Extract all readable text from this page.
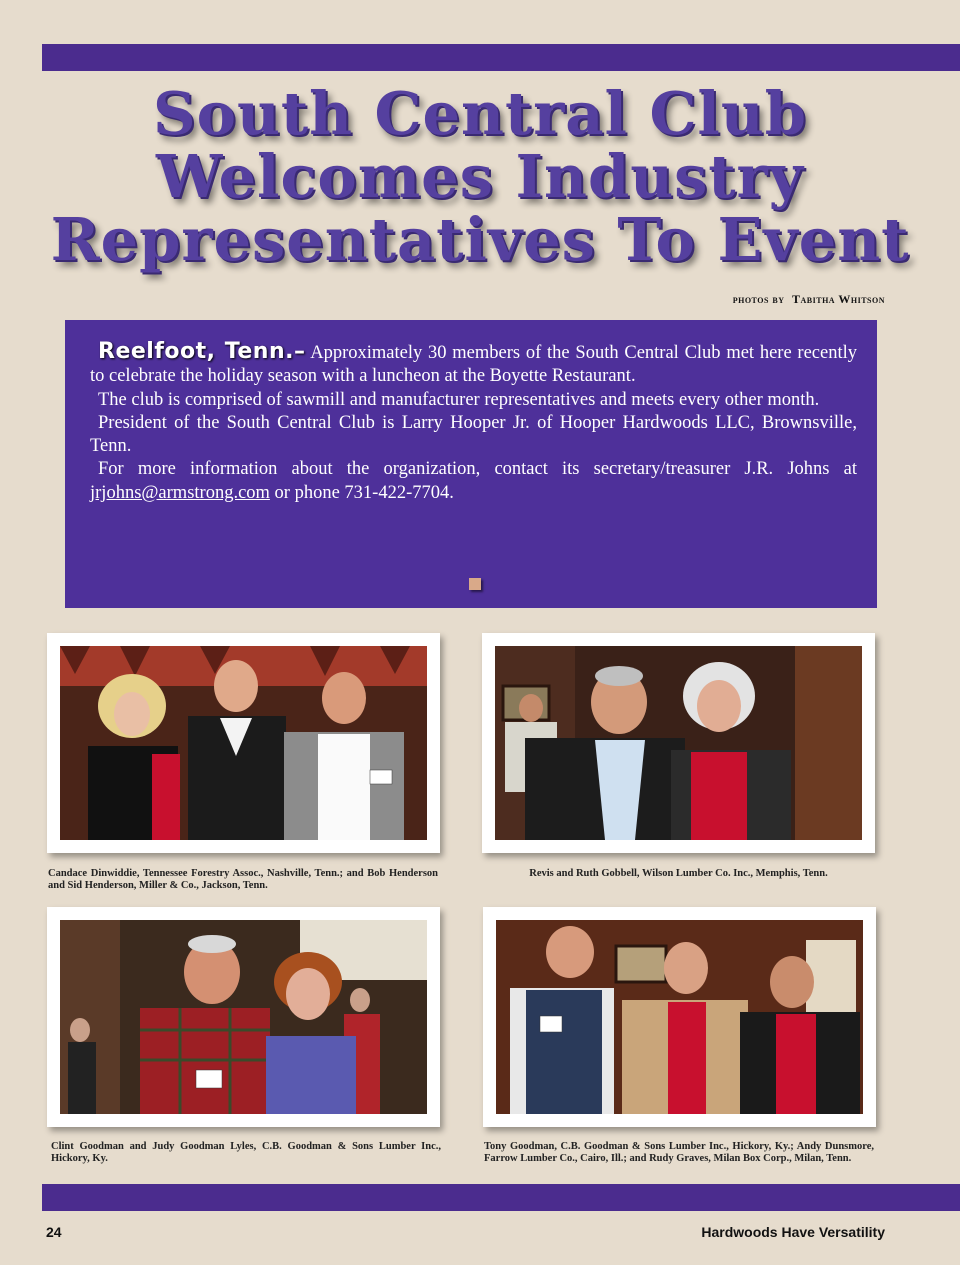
South Central Club
Welcomes Industry
Representatives To Event
photos by Tabitha Whitson

Reelfoot, Tenn.– Approximately 30 members of the South Central Club met here recently to celebrate the holiday season with a luncheon at the Boyette Restaurant.

The club is comprised of sawmill and manufacturer representatives and meets every other month.

President of the South Central Club is Larry Hooper Jr. of Hooper Hardwoods LLC, Brownsville, Tenn.

For more information about the organization, contact its secretary/treasurer J.R. Johns at jrjohns@armstrong.com or phone 731-422-7704.

Candace Dinwiddie, Tennessee Forestry Assoc., Nashville, Tenn.; and Bob Henderson and Sid Henderson, Miller & Co., Jackson, Tenn.

Revis and Ruth Gobbell, Wilson Lumber Co. Inc., Memphis, Tenn.

Clint Goodman and Judy Goodman Lyles, C.B. Goodman & Sons Lumber Inc., Hickory, Ky.

Tony Goodman, C.B. Goodman & Sons Lumber Inc., Hickory, Ky.; Andy Dunsmore, Farrow Lumber Co., Cairo, Ill.; and Rudy Graves, Milan Box Corp., Milan, Tenn.

24	Hardwoods Have Versatility
